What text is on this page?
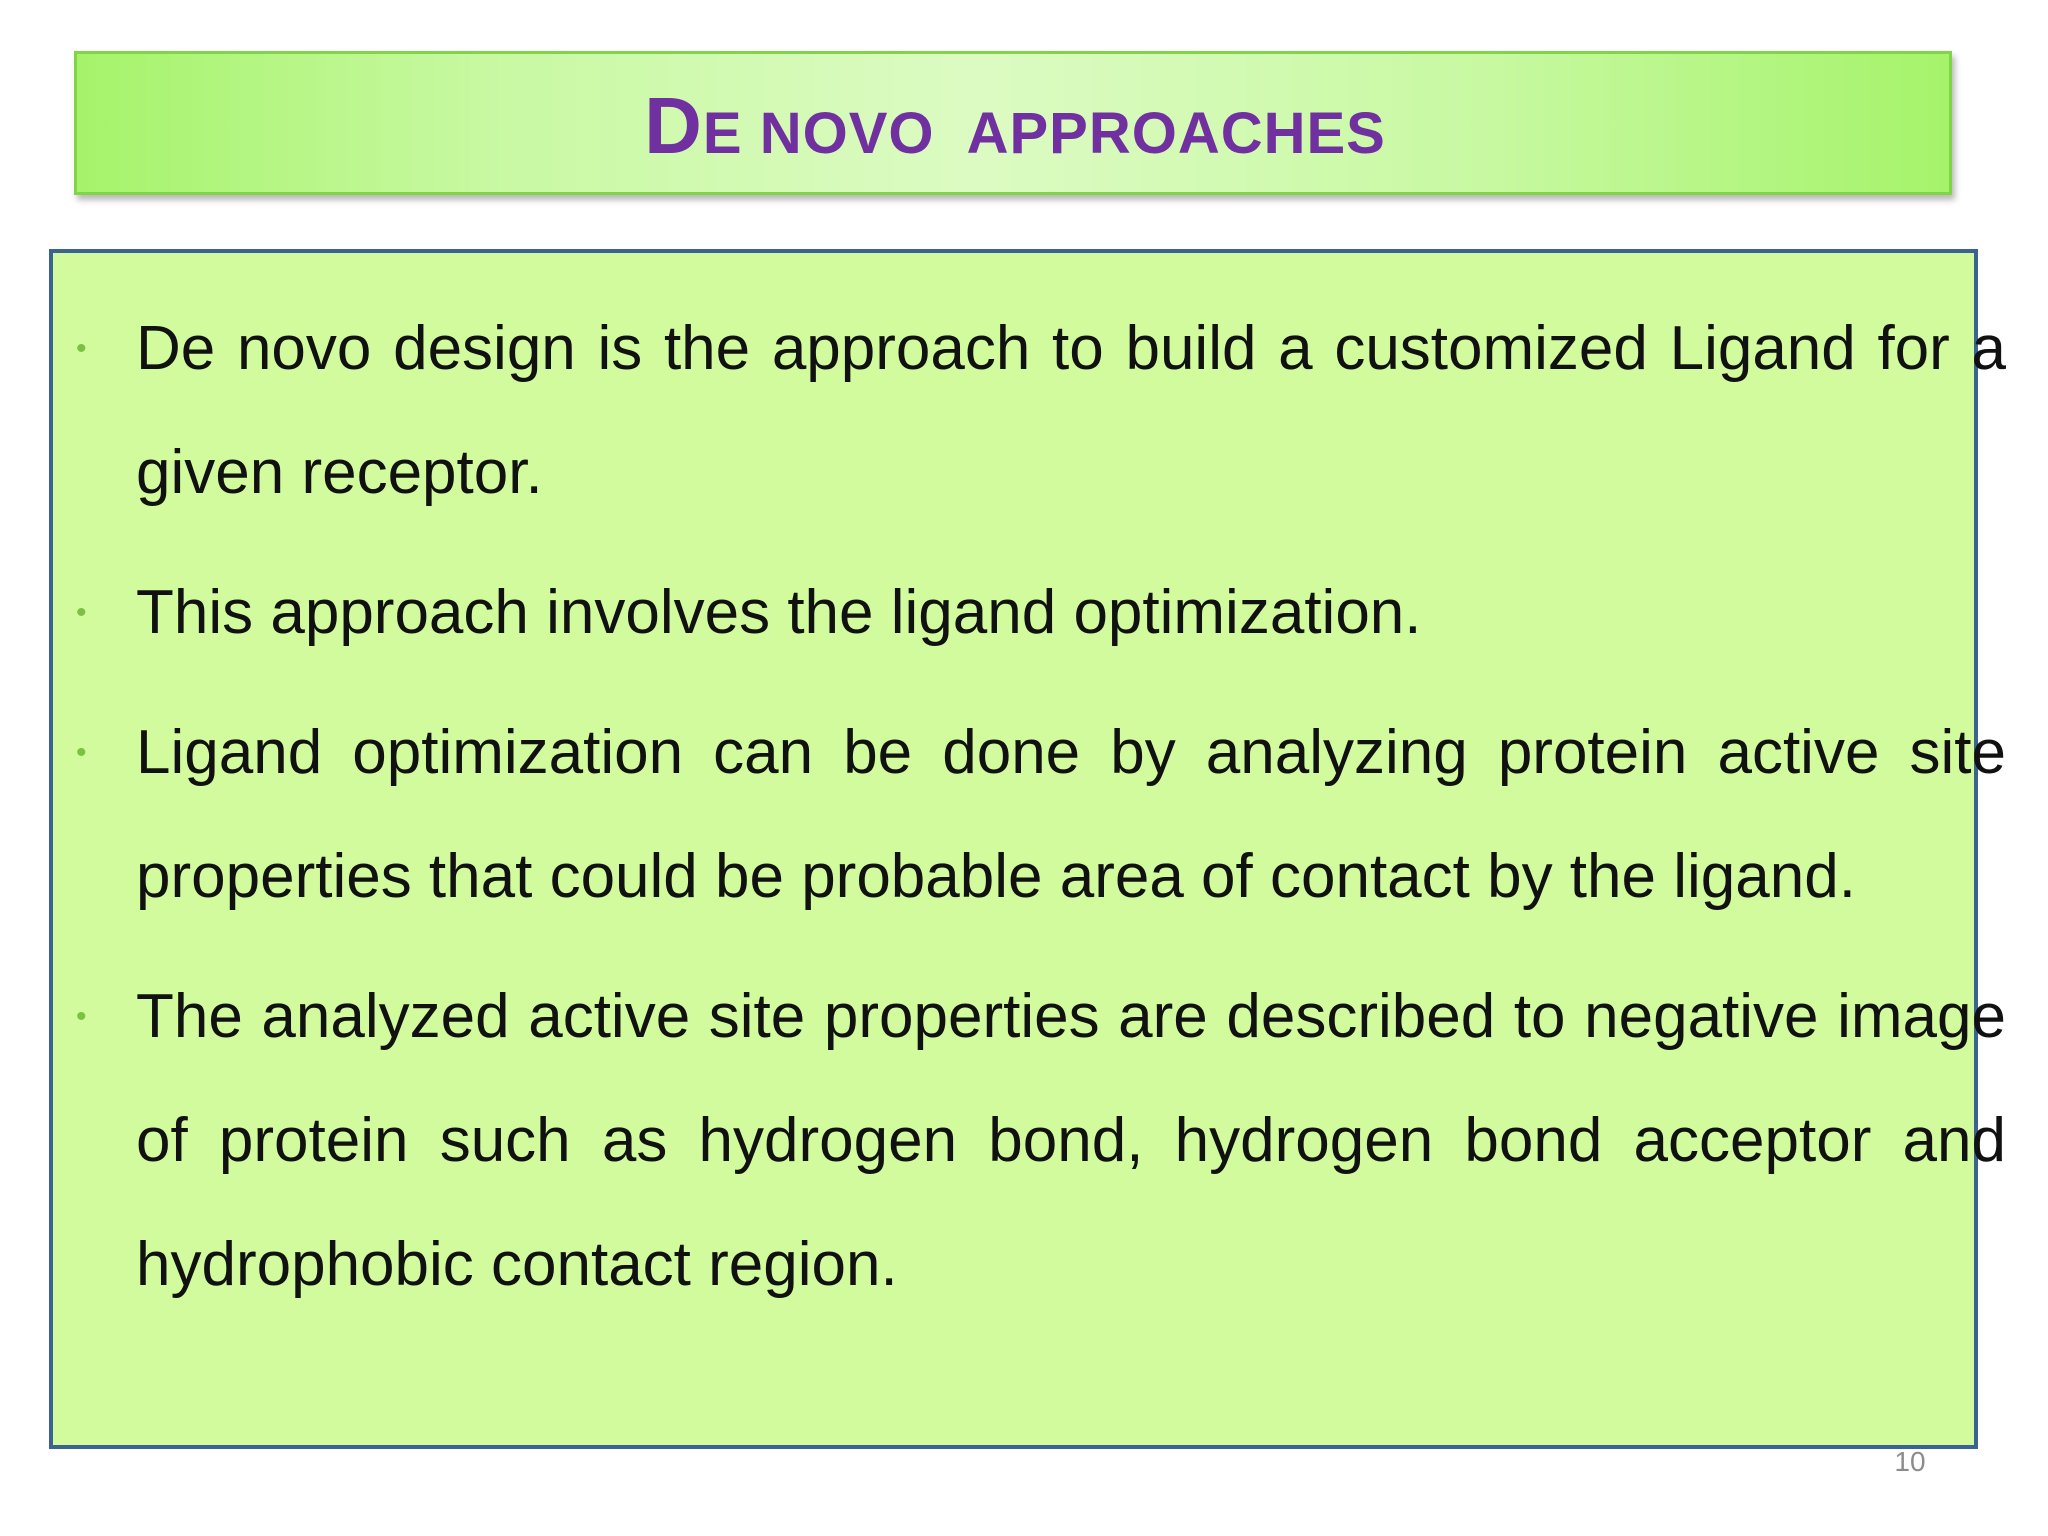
DE NOVO  APPROACHES
• De novo design is the approach to build a customized Ligand for a given receptor.
• This approach involves the ligand optimization.
• Ligand optimization can be done by analyzing protein active site properties that could be probable area of contact by the ligand.
• The analyzed active site properties are described to negative image of protein such as hydrogen bond, hydrogen bond acceptor and hydrophobic contact region.
10
